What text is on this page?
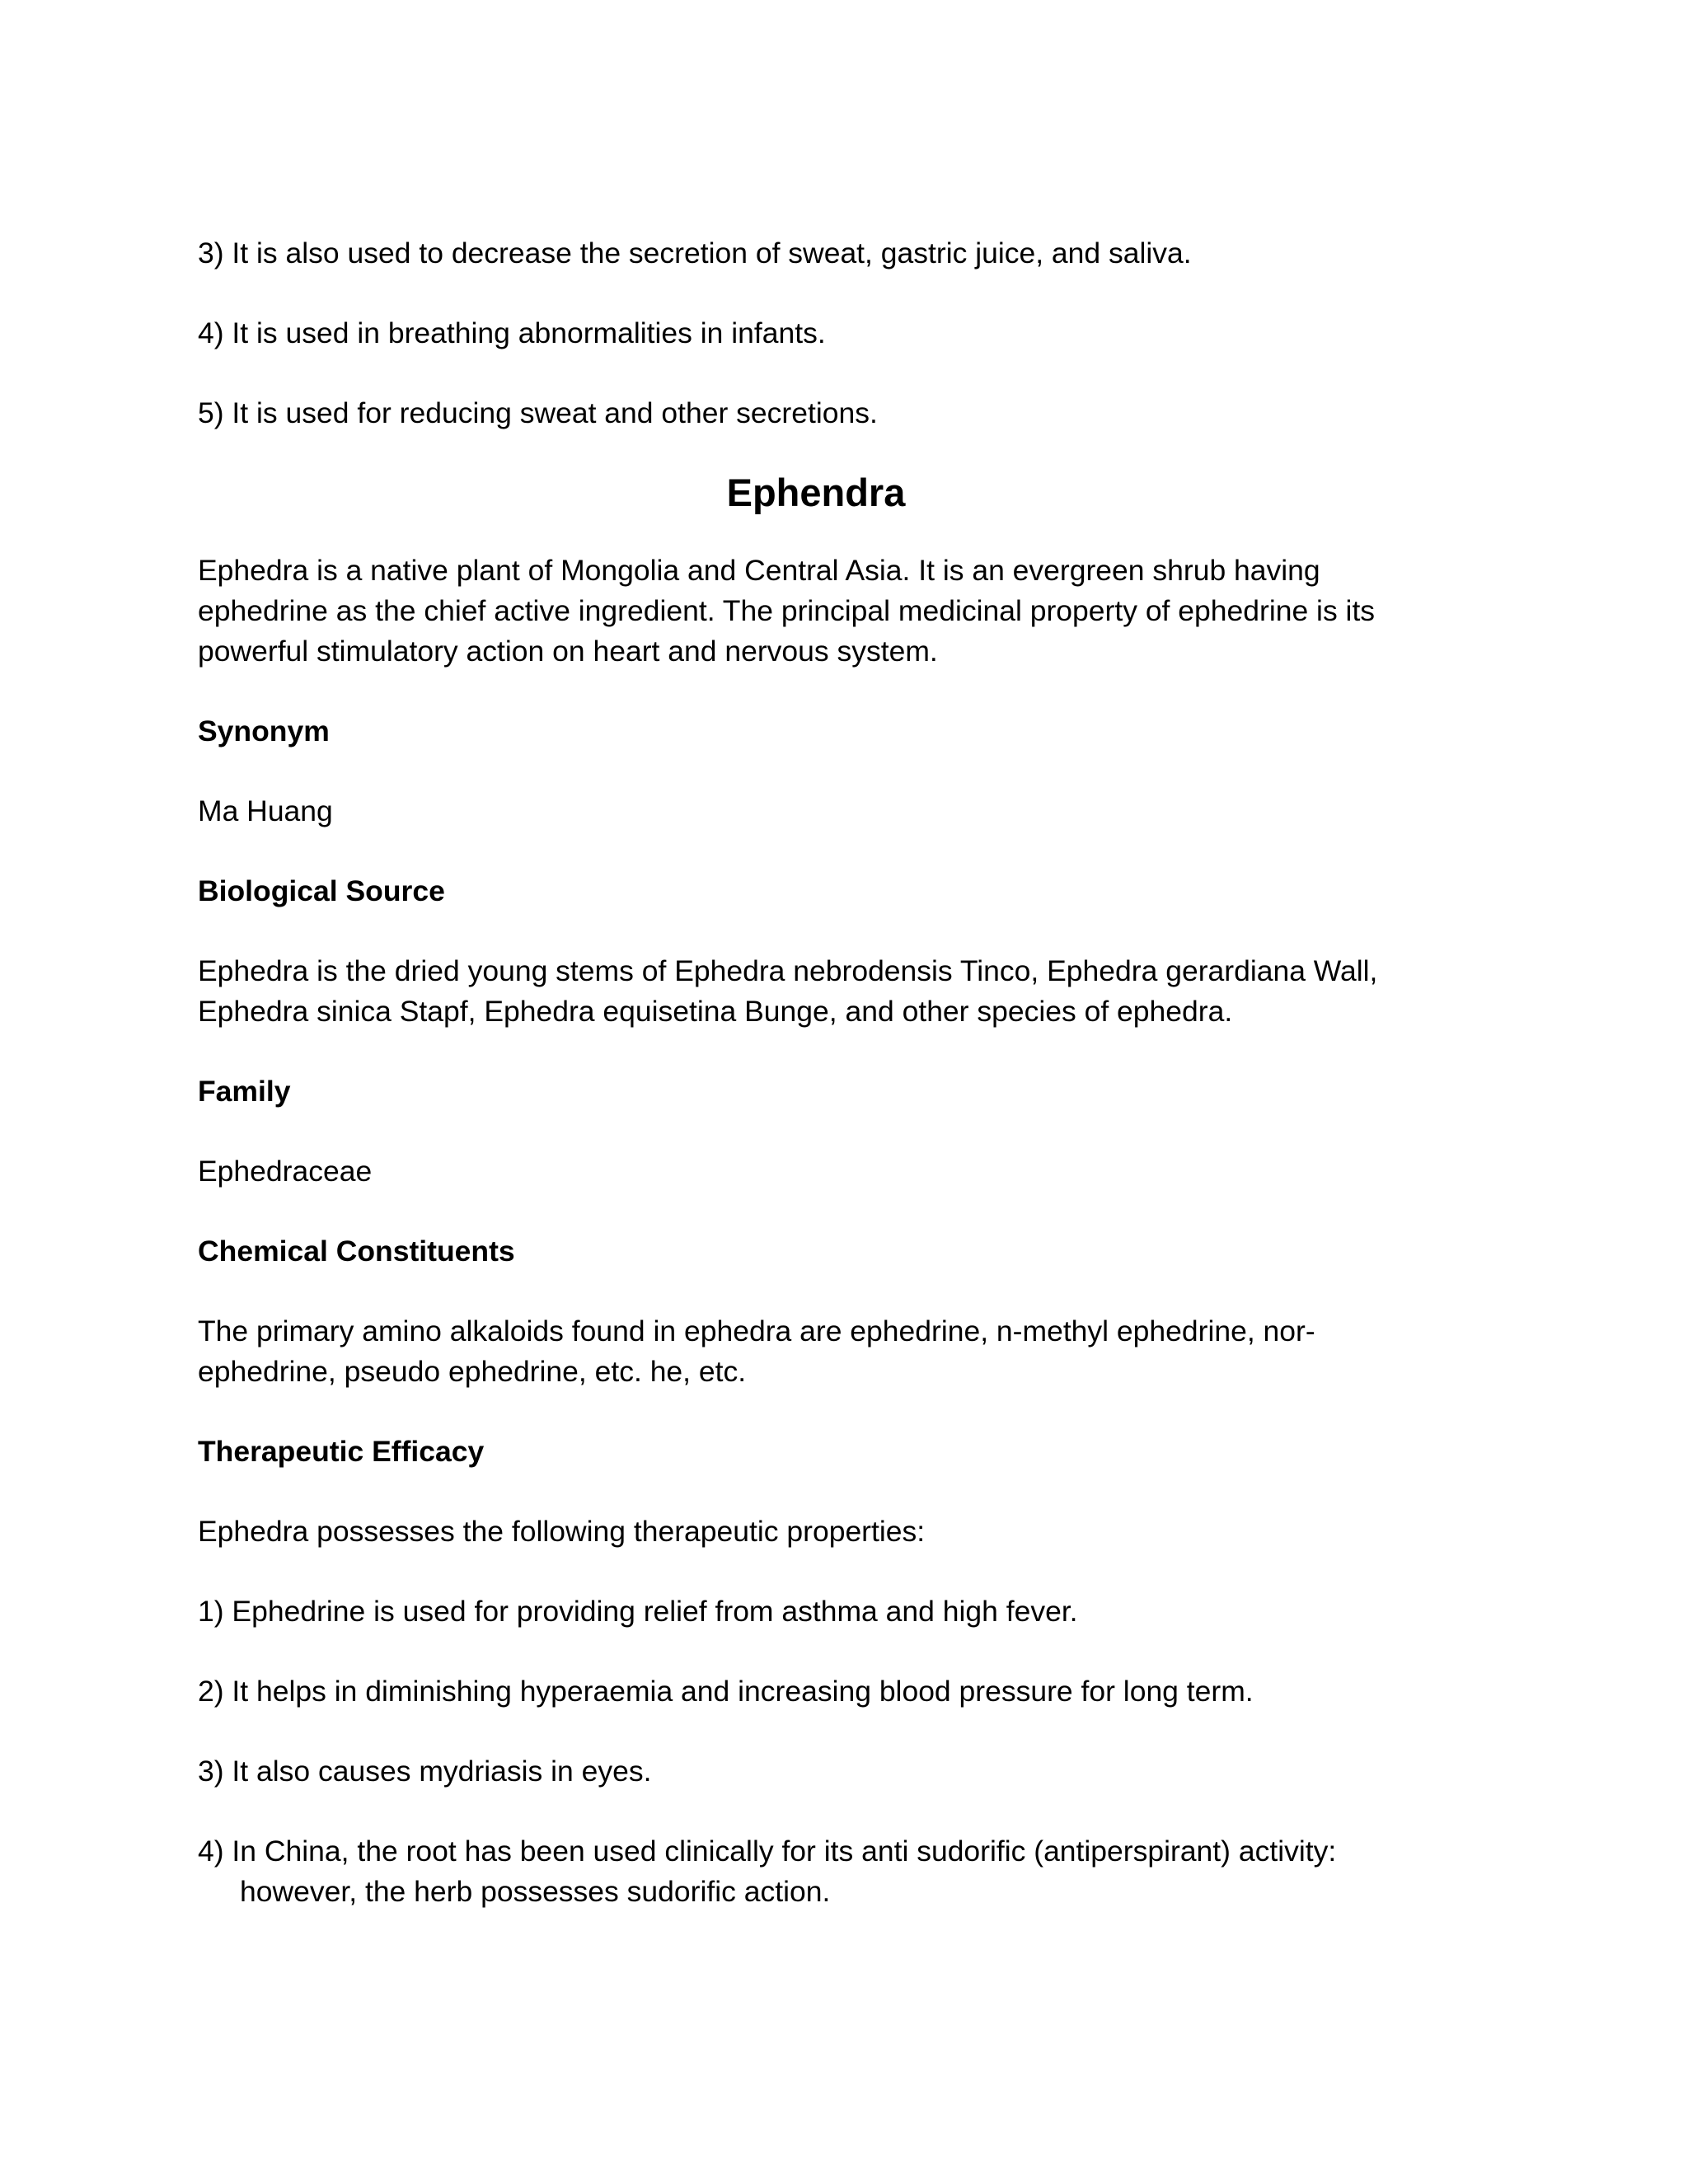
3) It is also used to decrease the secretion of sweat, gastric juice, and saliva.

4) It is used in breathing abnormalities in infants.

5) It is used for reducing sweat and other secretions.

Ephendra

Ephedra is a native plant of Mongolia and Central Asia. It is an evergreen shrub having ephedrine as the chief active ingredient. The principal medicinal property of ephedrine is its powerful stimulatory action on heart and nervous system.

Synonym

Ma Huang

Biological Source

Ephedra is the dried young stems of Ephedra nebrodensis Tinco, Ephedra gerardiana Wall, Ephedra sinica Stapf, Ephedra equisetina Bunge, and other species of ephedra.

Family

Ephedraceae

Chemical Constituents

The primary amino alkaloids found in ephedra are ephedrine, n-methyl ephedrine, nor-ephedrine, pseudo ephedrine, etc. he, etc.

Therapeutic Efficacy

Ephedra possesses the following therapeutic properties:

1) Ephedrine is used for providing relief from asthma and high fever.

2) It helps in diminishing hyperaemia and increasing blood pressure for long term.

3) It also causes mydriasis in eyes.

4) In China, the root has been used clinically for its anti sudorific (antiperspirant) activity: however, the herb possesses sudorific action.
